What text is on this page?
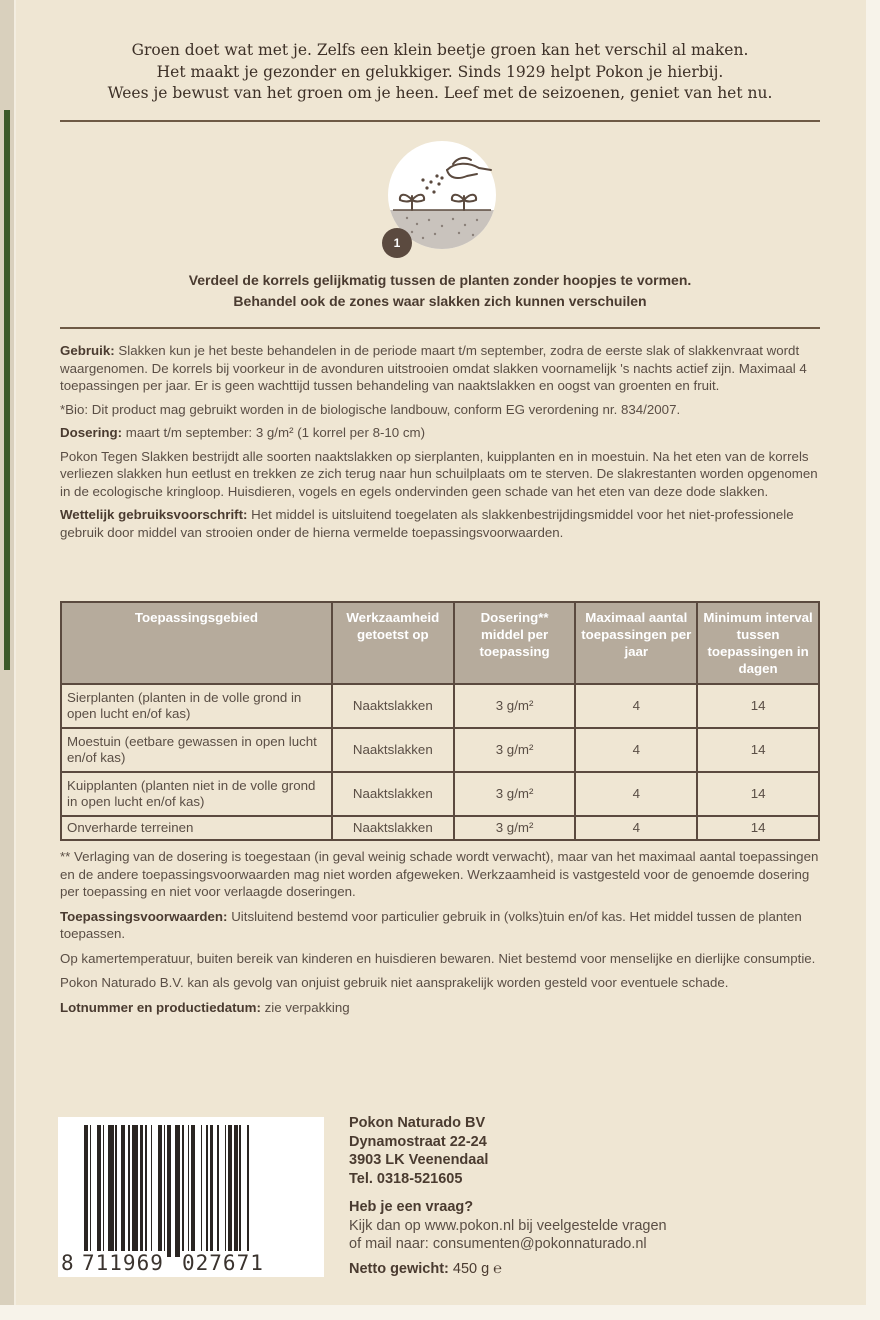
Groen doet wat met je. Zelfs een klein beetje groen kan het verschil al maken.

Het maakt je gezonder en gelukkiger. Sinds 1929 helpt Pokon je hierbij.

Wees je bewust van het groen om je heen. Leef met de seizoenen, geniet van het nu.

1
Verdeel de korrels gelijkmatig tussen de planten zonder hoopjes te vormen.
Behandel ook de zones waar slakken zich kunnen verschuilen

Gebruik: Slakken kun je het beste behandelen in de periode maart t/m september, zodra de eerste slak of slakkenvraat wordt waargenomen. De korrels bij voorkeur in de avonduren uitstrooien omdat slakken voornamelijk 's nachts actief zijn. Maximaal 4 toepassingen per jaar. Er is geen wachttijd tussen behandeling van naaktslakken en oogst van groenten en fruit.

*Bio: Dit product mag gebruikt worden in de biologische landbouw, conform EG verordening nr. 834/2007.

Dosering: maart t/m september: 3 g/m² (1 korrel per 8-10 cm)

Pokon Tegen Slakken bestrijdt alle soorten naaktslakken op sierplanten, kuipplanten en in moestuin. Na het eten van de korrels verliezen slakken hun eetlust en trekken ze zich terug naar hun schuilplaats om te sterven. De slakrestanten worden opgenomen in de ecologische kringloop. Huisdieren, vogels en egels ondervinden geen schade van het eten van deze dode slakken.

Wettelijk gebruiksvoorschrift: Het middel is uitsluitend toegelaten als slakkenbestrijdingsmiddel voor het niet-professionele gebruik door middel van strooien onder de hierna vermelde toepassingsvoorwaarden.

Toepassingsgebied	Werkzaamheid getoetst op	Dosering** middel per toepassing	Maximaal aantal toepassingen per jaar	Minimum interval tussen toepassingen in dagen
Sierplanten (planten in de volle grond in open lucht en/of kas)	Naaktslakken	3 g/m²	4	14
Moestuin (eetbare gewassen in open lucht en/of kas)	Naaktslakken	3 g/m²	4	14
Kuipplanten (planten niet in de volle grond in open lucht en/of kas)	Naaktslakken	3 g/m²	4	14
Onverharde terreinen	Naaktslakken	3 g/m²	4	14

** Verlaging van de dosering is toegestaan (in geval weinig schade wordt verwacht), maar van het maximaal aantal toepassingen en de andere toepassingsvoorwaarden mag niet worden afgeweken. Werkzaamheid is vastgesteld voor de genoemde dosering per toepassing en niet voor verlaagde doseringen.

Toepassingsvoorwaarden: Uitsluitend bestemd voor particulier gebruik in (volks)tuin en/of kas. Het middel tussen de planten toepassen.

Op kamertemperatuur, buiten bereik van kinderen en huisdieren bewaren. Niet bestemd voor menselijke en dierlijke consumptie.

Pokon Naturado B.V. kan als gevolg van onjuist gebruik niet aansprakelijk worden gesteld voor eventuele schade.

Lotnummer en productiedatum: zie verpakking

8 711969 027671
Pokon Naturado BV
Dynamostraat 22-24
3903 LK Veenendaal
Tel. 0318-521605
Heb je een vraag?
Kijk dan op www.pokon.nl bij veelgestelde vragen
of mail naar: consumenten@pokonnaturado.nl
Netto gewicht: 450 g ℮
